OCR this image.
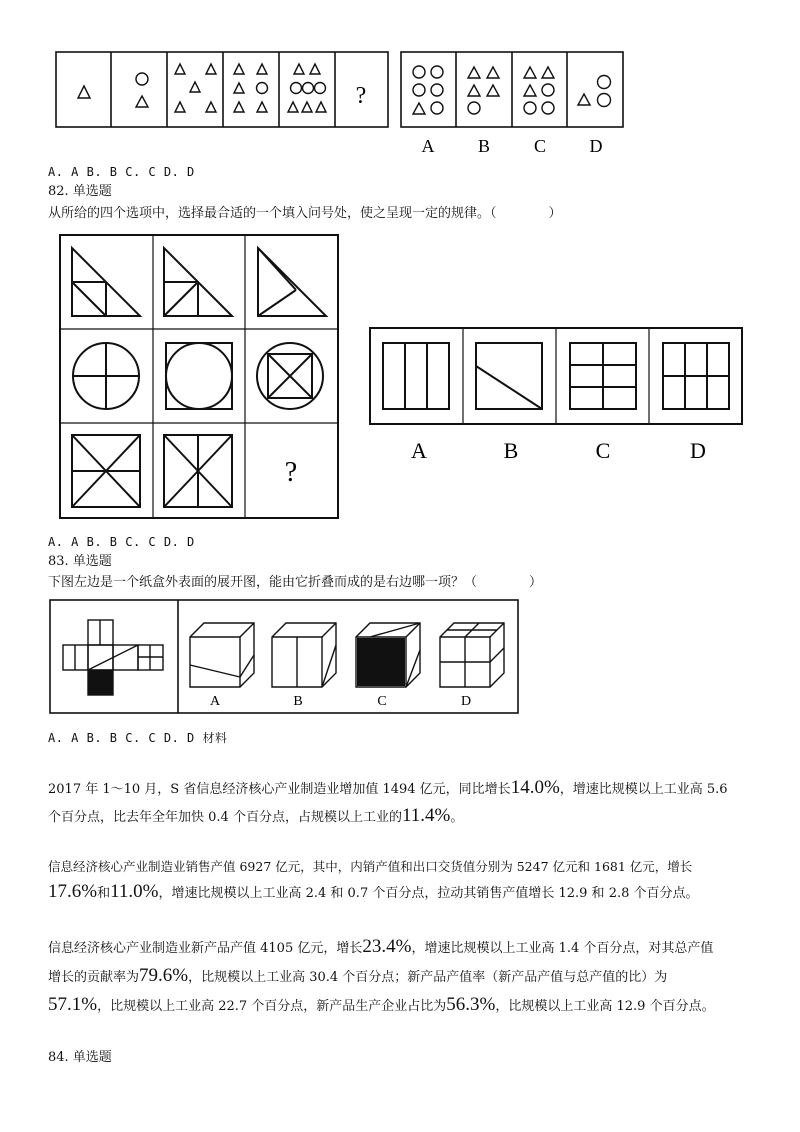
?
A B C D
A. A B. B C. C D. D
82. 单选题
从所给的四个选项中，选择最合适的一个填入问号处，使之呈现一定的规律。（　　　　）
?
A	B	C	D
A. A B. B C. C D. D
83. 单选题
下图左边是一个纸盒外表面的展开图，能由它折叠而成的是右边哪一项？（　　　　）
A	B	C	D
A. A B. B C. C D. D 材料
2017 年 1～10 月，S 省信息经济核心产业制造业增加值 1494 亿元，同比增长14.0%，增速比规模以上工业高 5.6
个百分点，比去年全年加快 0.4 个百分点，占规模以上工业的11.4%。
信息经济核心产业制造业销售产值 6927 亿元，其中，内销产值和出口交货值分别为 5247 亿元和 1681 亿元，增长
17.6%和11.0%，增速比规模以上工业高 2.4 和 0.7 个百分点，拉动其销售产值增长 12.9 和 2.8 个百分点。
信息经济核心产业制造业新产品产值 4105 亿元，增长23.4%，增速比规模以上工业高 1.4 个百分点，对其总产值
增长的贡献率为79.6%，比规模以上工业高 30.4 个百分点；新产品产值率（新产品产值与总产值的比）为
57.1%，比规模以上工业高 22.7 个百分点，新产品生产企业占比为56.3%，比规模以上工业高 12.9 个百分点。
84. 单选题
